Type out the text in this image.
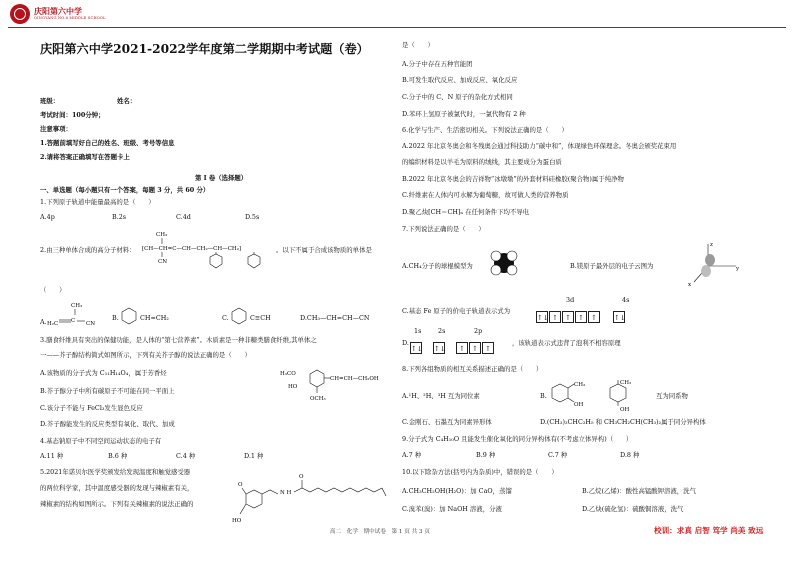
庆阳第六中学
QINGYANG NO.6 MIDDLE SCHOOL
庆阳第六中学2021-2022学年度第二学期期中考试题（卷）
班级：	姓名：
考试时间：100分钟；
注意事项：
1.答题前填写好自己的姓名、班级、考号等信息
2.请将答案正确填写在答题卡上
第 I 卷（选择题）
一、单选题（每小题只有一个答案，每题 3 分，共 60 分）
1.下列原子轨道中能量最高的是（　　）
A.4p	B.2s	C.4d	D.5s
2.由三种单体合成的高分子材料：
CH₃
[CH—CH=C—CH—CH₂—CH—CH₂]
CN
。以下不属于合成该物质的单体是
（　　）
A.
CH₃
H₂C C CN
B.	CH=CH₂	C.	C≡CH	D.CH₃—CH=CH—CN
3.膳食纤维具有突出的保健功能，是人体的“第七营养素”。木质素是一种非糖类膳食纤维,其单体之
一——芥子醇结构简式如图所示，下列有关芥子醇的说法正确的是（　　）
A.该物质的分子式为 C₁₁H₁₄O₄，属于芳香烃
B.芥子醇分子中所有碳原子不可能在同一平面上
C.该分子不能与 FeCl₃发生显色反应
D.芥子醇能发生的反应类型有氧化、取代、加成
H₃CO
HO
CH=CH—CH₂OH
OCH₃
4.基态钠原子中不同空间运动状态的电子有
A.11 种	B.6 种	C.4 种	D.1 种
5.2021年诺贝尔医学奖颁发给发现温度和触觉感受器
的两位科学家，其中温度感受器的发现与辣椒素有关，
辣椒素的结构如图所示。下列有关辣椒素的说法正确的
O
HO
N H
O
是（　　）
A.分子中存在五种官能团
B.可发生取代反应、加成反应、氧化反应
C.分子中的 C、N 原子的杂化方式相同
D.苯环上氢原子被氯代时，一氯代物有 2 种
6.化学与生产、生活密切相关。下列说法正确的是（　　）
A.2022 年北京冬奥会和冬残奥会通过科技助力“碳中和”，体现绿色环保理念。冬奥会颁奖花束用
的编织材料是以羊毛为原料的绒线，其主要成分为蛋白质
B.2022 年北京冬奥会的吉祥物“冰墩墩”的外套材料硅橡胶(聚合物)属于纯净物
C.纤维素在人体内可水解为葡萄糖，故可做人类的营养物质
D.聚乙炔[CH＝CH]ₙ 在任何条件下均不导电
7.下列说法正确的是（　　）
A.CH₄分子的球棍模型为	B.镁原子最外层的电子云图为
z
y
x
C.基态 Fe 原子的价电子轨道表示式为
3d	4s
↑↓ ↑ ↑ ↑ ↑ ↑↓
D.
1s	2s	2p
↑↓ ↑↓ ↑ ↑ ↑
，该轨道表示式违背了泡利不相容原理
8.下列各组物质的相互关系描述正确的是（　　）
A.¹H、²H、³H 互为同位素	B.
CH₃
OH
CH₃
OH
互为同系物
C.金刚石、石墨互为同素异形体	D.(CH₃)₂CHC₂H₅ 和 CH₃CH₂CH(CH₃)₂属于同分异构体
9.分子式为 C₄H₁₀O 且能发生催化氧化的同分异构体有(不考虑立体异构)（　　）
A.7 种	B.9 种	C.7 种	D.8 种
10.以下除杂方法(括号内为杂质)中，错误的是（　　）
A.CH₃CH₂OH(H₂O)：加 CaO，蒸馏	B.乙烷(乙烯)：酸性高锰酸钾溶液，洗气
C.溴苯(溴)：加 NaOH 溶液，分液	D.乙炔(硫化氢)：硫酸铜溶液，洗气
高二　化学　期中试卷　第 1 页 共 3 页	校训：求真 启智 笃学 尚美 致远
